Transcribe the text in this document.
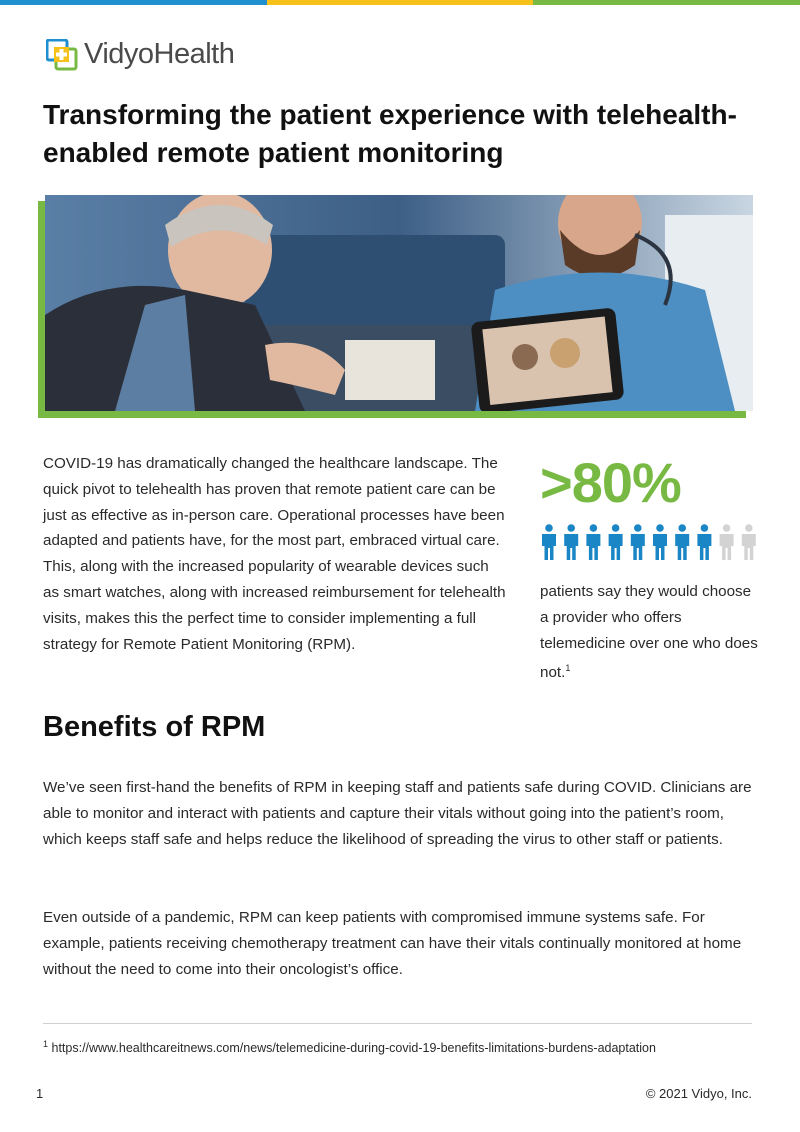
VidyoHealth
Transforming the patient experience with telehealth-enabled remote patient monitoring

COVID-19 has dramatically changed the healthcare landscape. The quick pivot to telehealth has proven that remote patient care can be just as effective as in-person care. Operational processes have been adapted and patients have, for the most part, embraced virtual care. This, along with the increased popularity of wearable devices such as smart watches, along with increased reimbursement for telehealth visits, makes this the perfect time to consider implementing a full strategy for Remote Patient Monitoring (RPM).

>80%

patients say they would choose a provider who offers telemedicine over one who does not.$^1$

Benefits of RPM

We’ve seen first-hand the benefits of RPM in keeping staff and patients safe during COVID. Clinicians are able to monitor and interact with patients and capture their vitals without going into the patient’s room, which keeps staff safe and helps reduce the likelihood of spreading the virus to other staff or patients.

Even outside of a pandemic, RPM can keep patients with compromised immune systems safe. For example, patients receiving chemotherapy treatment can have their vitals continually monitored at home without the need to come into their oncologist’s office.

$^1$ https://www.healthcareitnews.com/news/telemedicine-during-covid-19-benefits-limitations-burdens-adaptation
1	© 2021 Vidyo, Inc.
